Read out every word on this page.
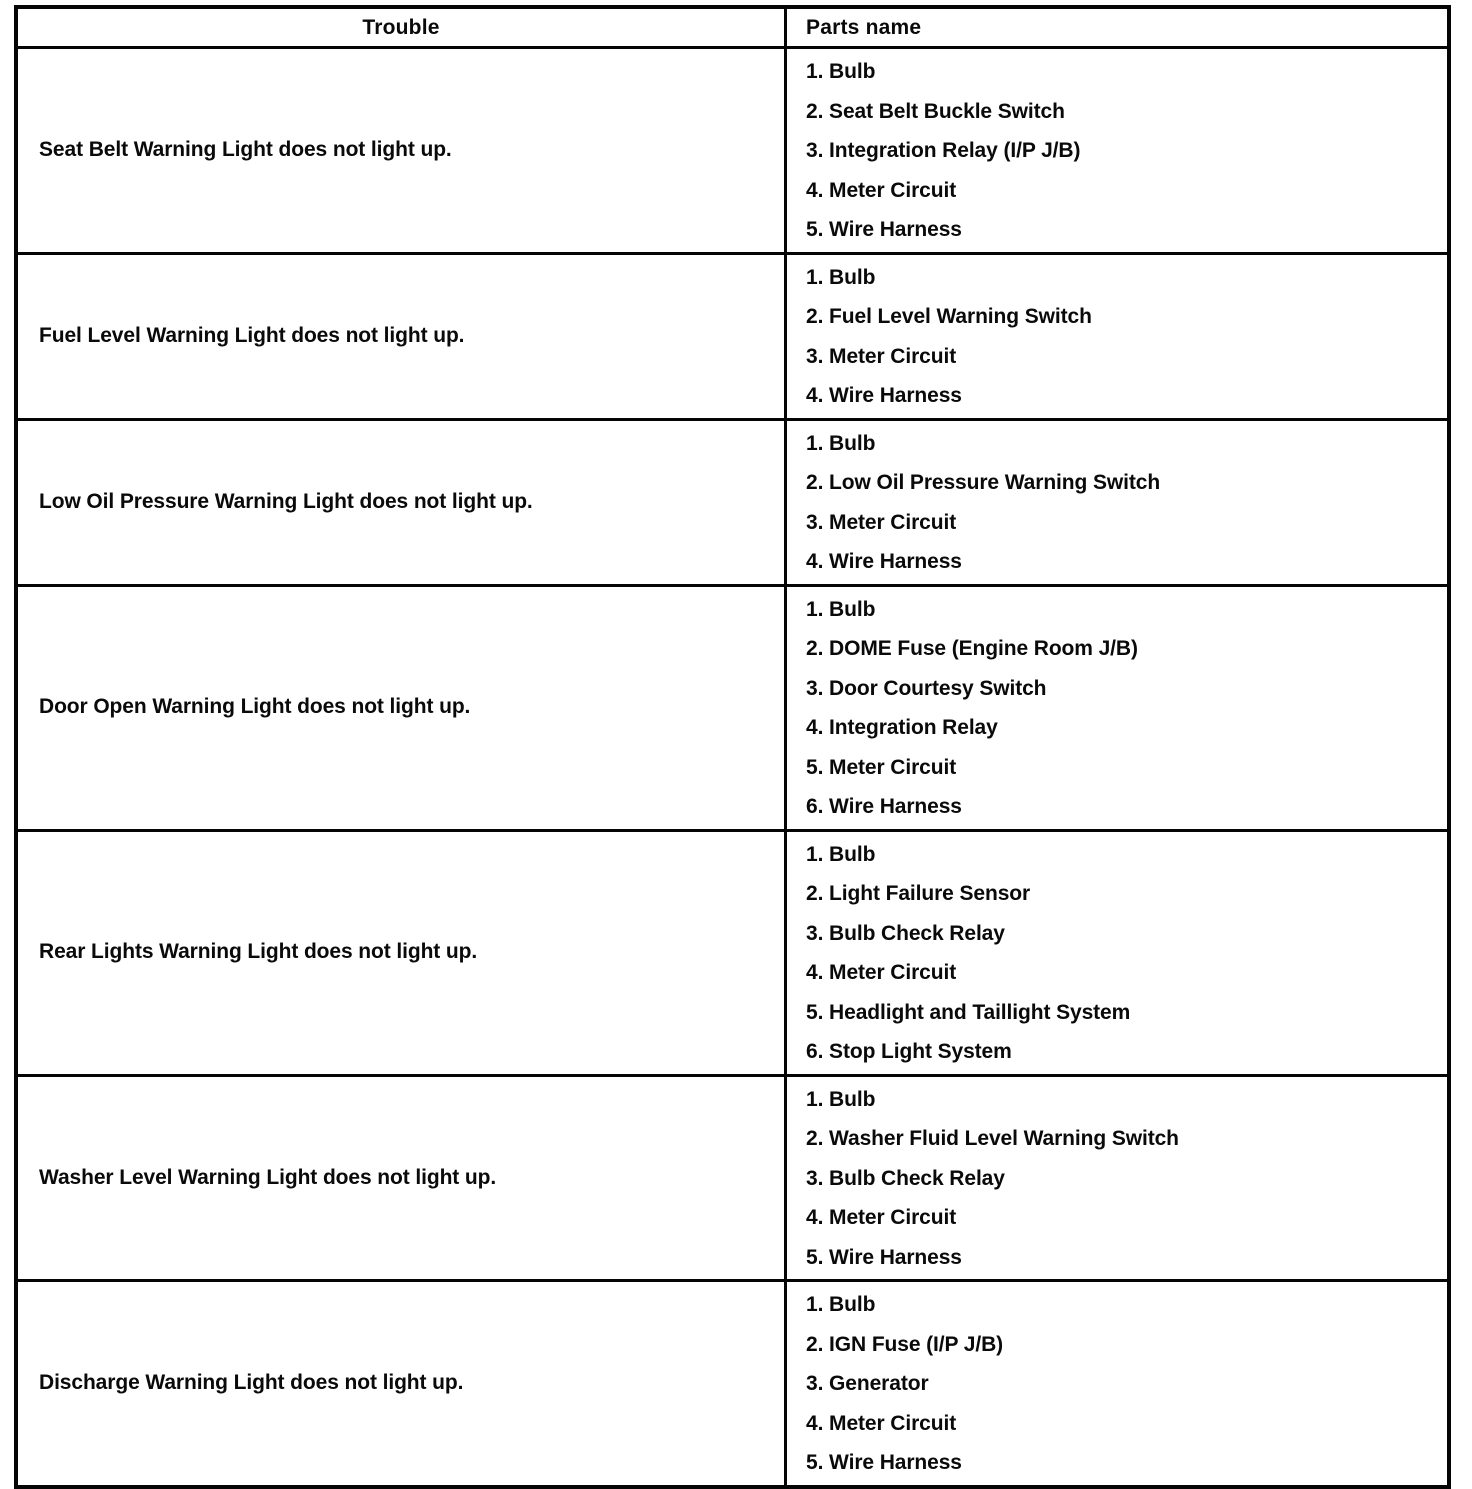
Trouble	Parts name
Seat Belt Warning Light does not light up.
1. Bulb
2. Seat Belt Buckle Switch
3. Integration Relay (I/P J/B)
4. Meter Circuit
5. Wire Harness
Fuel Level Warning Light does not light up.
1. Bulb
2. Fuel Level Warning Switch
3. Meter Circuit
4. Wire Harness
Low Oil Pressure Warning Light does not light up.
1. Bulb
2. Low Oil Pressure Warning Switch
3. Meter Circuit
4. Wire Harness
Door Open Warning Light does not light up.
1. Bulb
2. DOME Fuse (Engine Room J/B)
3. Door Courtesy Switch
4. Integration Relay
5. Meter Circuit
6. Wire Harness
Rear Lights Warning Light does not light up.
1. Bulb
2. Light Failure Sensor
3. Bulb Check Relay
4. Meter Circuit
5. Headlight and Taillight System
6. Stop Light System
Washer Level Warning Light does not light up.
1. Bulb
2. Washer Fluid Level Warning Switch
3. Bulb Check Relay
4. Meter Circuit
5. Wire Harness
Discharge Warning Light does not light up.
1. Bulb
2. IGN Fuse (I/P J/B)
3. Generator
4. Meter Circuit
5. Wire Harness
